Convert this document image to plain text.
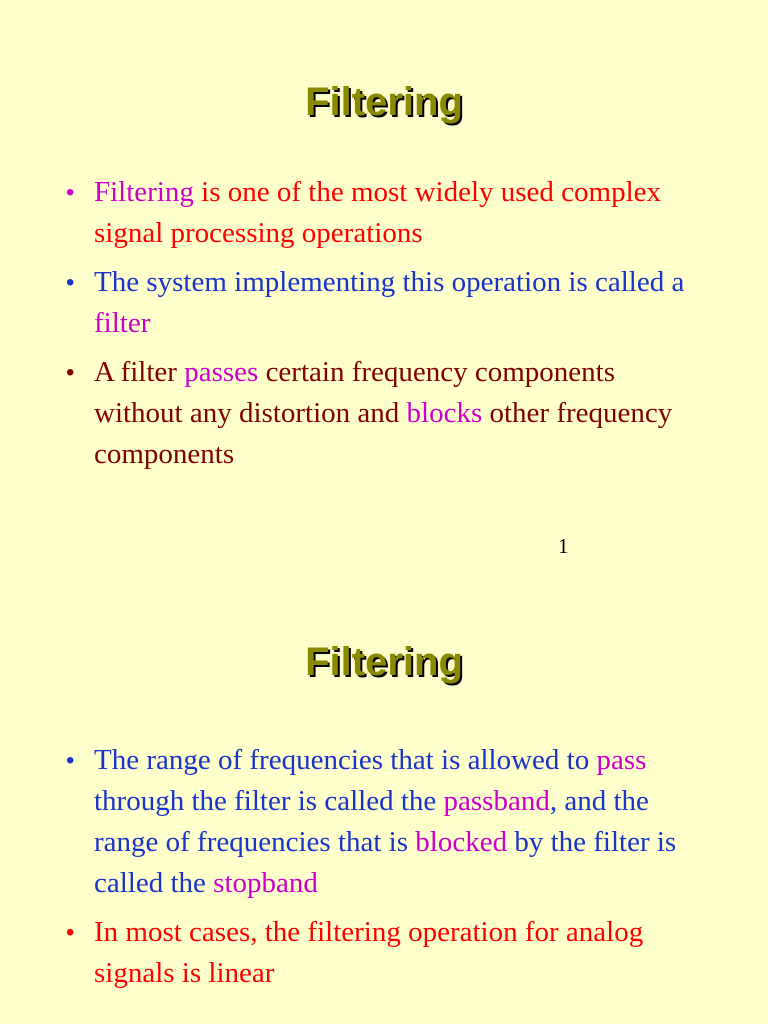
Filtering
• Filtering is one of the most widely used complex signal processing operations
• The system implementing this operation is called a filter
• A filter passes certain frequency components without any distortion and blocks other frequency components
1
Filtering
• The range of frequencies that is allowed to pass through the filter is called the passband, and the range of frequencies that is blocked by the filter is called the stopband
• In most cases, the filtering operation for analog signals is linear
